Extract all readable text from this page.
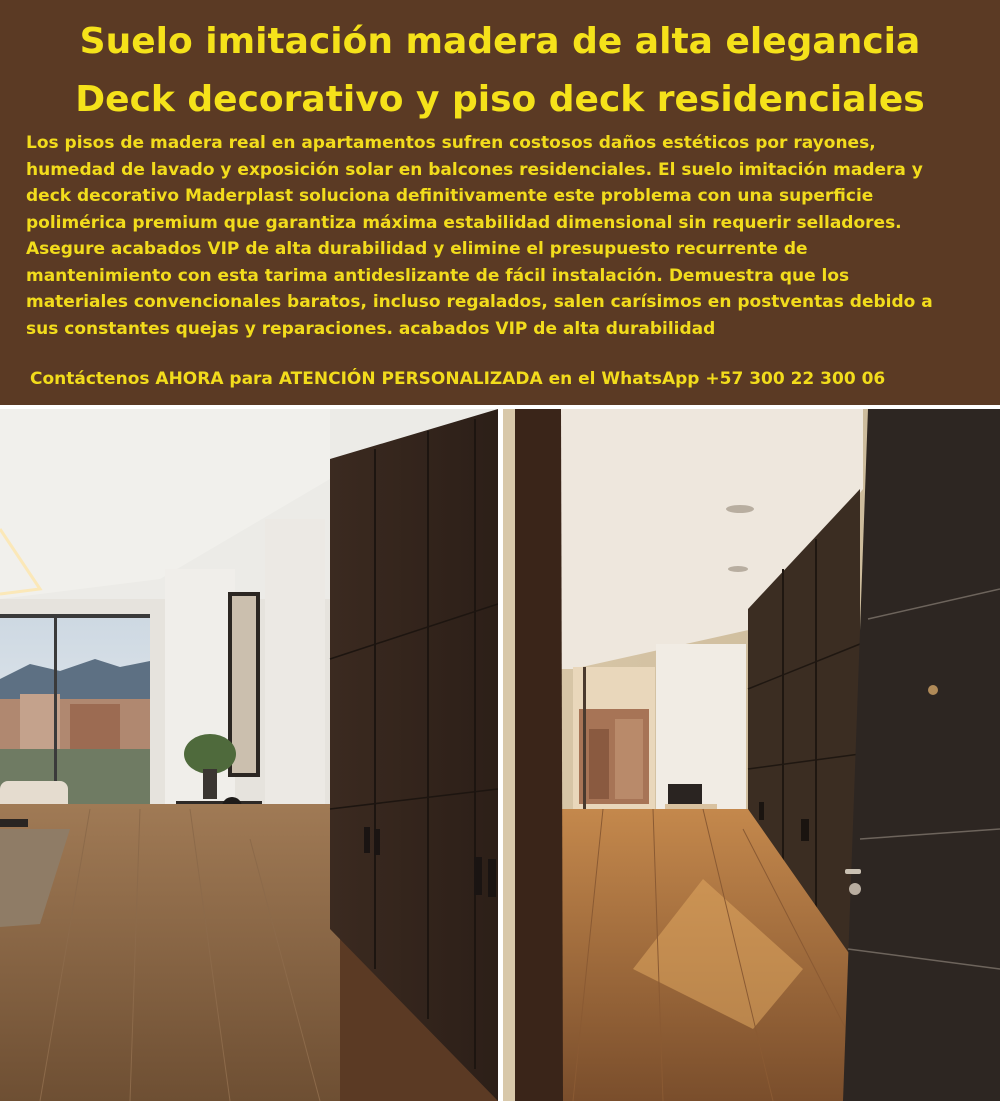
Suelo imitación madera de alta elegancia
Deck decorativo y piso deck residenciales

Los pisos de madera real en apartamentos sufren costosos daños estéticos por rayones,
humedad de lavado y exposición solar en balcones residenciales. El suelo imitación madera y
deck decorativo Maderplast soluciona definitivamente este problema con una superficie
polimérica premium que garantiza máxima estabilidad dimensional sin requerir selladores.
Asegure acabados VIP de alta durabilidad y elimine el presupuesto recurrente de
mantenimiento con esta tarima antideslizante de fácil instalación. Demuestra que los
materiales convencionales baratos, incluso regalados, salen carísimos en postventas debido a
sus constantes quejas y reparaciones. acabados VIP de alta durabilidad

Contáctenos AHORA para ATENCIÓN PERSONALIZADA en el WhatsApp +57 300 22 300 06
